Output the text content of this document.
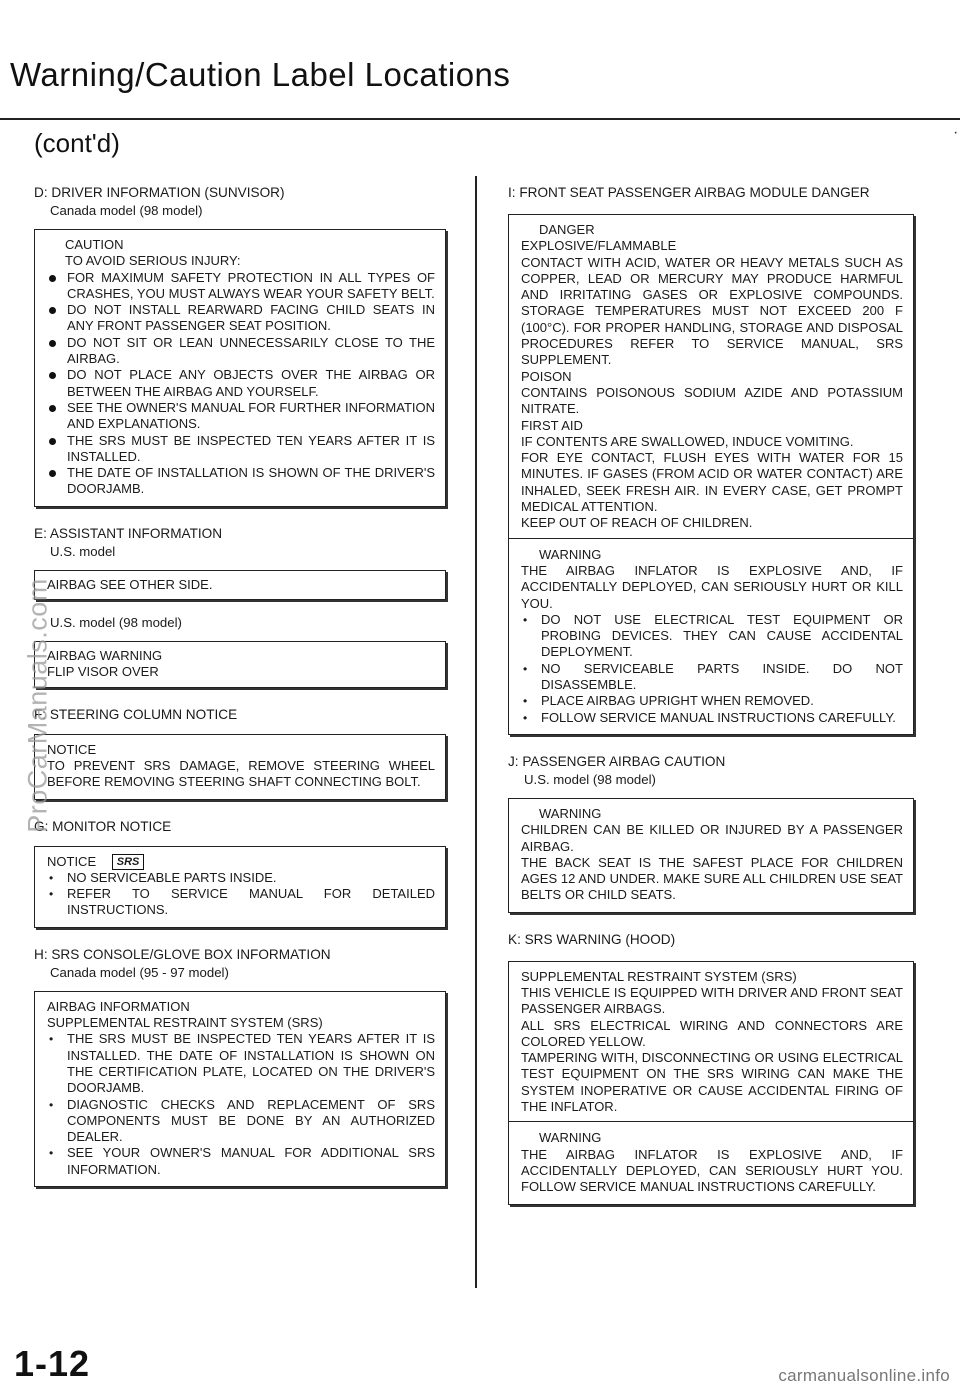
Warning/Caution Label Locations
(cont'd)	·
D: DRIVER INFORMATION (SUNVISOR)
Canada model (98 model)
CAUTION
TO AVOID SERIOUS INJURY:
FOR MAXIMUM SAFETY PROTECTION IN ALL TYPES OF CRASHES, YOU MUST ALWAYS WEAR YOUR SAFETY BELT.
DO NOT INSTALL REARWARD FACING CHILD SEATS IN ANY FRONT PASSENGER SEAT POSITION.
DO NOT SIT OR LEAN UNNECESSARILY CLOSE TO THE AIRBAG.
DO NOT PLACE ANY OBJECTS OVER THE AIRBAG OR BETWEEN THE AIRBAG AND YOURSELF.
SEE THE OWNER'S MANUAL FOR FURTHER INFORMATION AND EXPLANATIONS.
THE SRS MUST BE INSPECTED TEN YEARS AFTER IT IS INSTALLED.
THE DATE OF INSTALLATION IS SHOWN OF THE DRIVER'S DOORJAMB.
E: ASSISTANT INFORMATION
U.S. model
AIRBAG SEE OTHER SIDE.
U.S. model (98 model)
AIRBAG WARNING
FLIP VISOR OVER
F: STEERING COLUMN NOTICE
NOTICE
TO PREVENT SRS DAMAGE, REMOVE STEERING WHEEL BEFORE REMOVING STEERING SHAFT CONNECTING BOLT.
G: MONITOR NOTICE
NOTICE SRS
• NO SERVICEABLE PARTS INSIDE.
• REFER TO SERVICE MANUAL FOR DETAILED INSTRUCTIONS.
H: SRS CONSOLE/GLOVE BOX INFORMATION
Canada model (95 - 97 model)
AIRBAG INFORMATION
SUPPLEMENTAL RESTRAINT SYSTEM (SRS)
• THE SRS MUST BE INSPECTED TEN YEARS AFTER IT IS INSTALLED. THE DATE OF INSTALLATION IS SHOWN ON THE CERTIFICATION PLATE, LOCATED ON THE DRIVER'S DOORJAMB.
• DIAGNOSTIC CHECKS AND REPLACEMENT OF SRS COMPONENTS MUST BE DONE BY AN AUTHORIZED DEALER.
• SEE YOUR OWNER'S MANUAL FOR ADDITIONAL SRS INFORMATION.
I: FRONT SEAT PASSENGER AIRBAG MODULE DANGER
DANGER
EXPLOSIVE/FLAMMABLE
CONTACT WITH ACID, WATER OR HEAVY METALS SUCH AS COPPER, LEAD OR MERCURY MAY PRODUCE HARMFUL AND IRRITATING GASES OR EXPLOSIVE COMPOUNDS. STORAGE TEMPERATURES MUST NOT EXCEED 200 F (100°C). FOR PROPER HANDLING, STORAGE AND DISPOSAL PROCEDURES REFER TO SERVICE MANUAL, SRS SUPPLEMENT.
POISON
CONTAINS POISONOUS SODIUM AZIDE AND POTASSIUM NITRATE.
FIRST AID
IF CONTENTS ARE SWALLOWED, INDUCE VOMITING.
FOR EYE CONTACT, FLUSH EYES WITH WATER FOR 15 MINUTES. IF GASES (FROM ACID OR WATER CONTACT) ARE INHALED, SEEK FRESH AIR. IN EVERY CASE, GET PROMPT MEDICAL ATTENTION.
KEEP OUT OF REACH OF CHILDREN.
WARNING
THE AIRBAG INFLATOR IS EXPLOSIVE AND, IF ACCIDENTALLY DEPLOYED, CAN SERIOUSLY HURT OR KILL YOU.
• DO NOT USE ELECTRICAL TEST EQUIPMENT OR PROBING DEVICES. THEY CAN CAUSE ACCIDENTAL DEPLOYMENT.
• NO SERVICEABLE PARTS INSIDE. DO NOT DISASSEMBLE.
• PLACE AIRBAG UPRIGHT WHEN REMOVED.
• FOLLOW SERVICE MANUAL INSTRUCTIONS CAREFULLY.
J: PASSENGER AIRBAG CAUTION
U.S. model (98 model)
WARNING
CHILDREN CAN BE KILLED OR INJURED BY A PASSENGER AIRBAG.
THE BACK SEAT IS THE SAFEST PLACE FOR CHILDREN AGES 12 AND UNDER. MAKE SURE ALL CHILDREN USE SEAT BELTS OR CHILD SEATS.
K: SRS WARNING (HOOD)
SUPPLEMENTAL RESTRAINT SYSTEM (SRS)
THIS VEHICLE IS EQUIPPED WITH DRIVER AND FRONT SEAT PASSENGER AIRBAGS.
ALL SRS ELECTRICAL WIRING AND CONNECTORS ARE COLORED YELLOW.
TAMPERING WITH, DISCONNECTING OR USING ELECTRICAL TEST EQUIPMENT ON THE SRS WIRING CAN MAKE THE SYSTEM INOPERATIVE OR CAUSE ACCIDENTAL FIRING OF THE INFLATOR.
WARNING
THE AIRBAG INFLATOR IS EXPLOSIVE AND, IF ACCIDENTALLY DEPLOYED, CAN SERIOUSLY HURT YOU. FOLLOW SERVICE MANUAL INSTRUCTIONS CAREFULLY.
1-12
ProCarManuals.com
carmanualsonline.info
